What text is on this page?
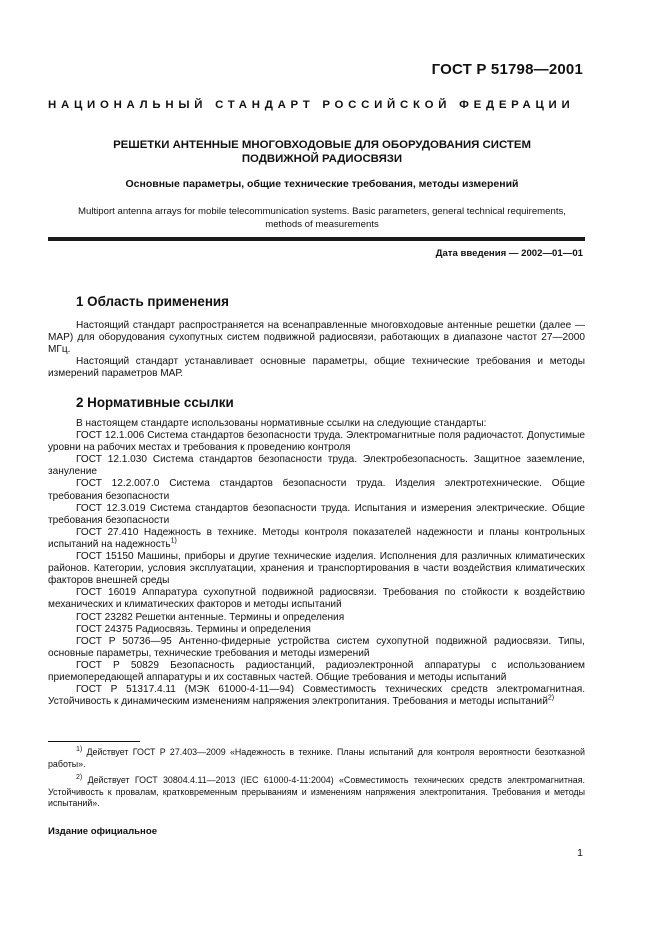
ГОСТ Р 51798—2001
НАЦИОНАЛЬНЫЙ СТАНДАРТ РОССИЙСКОЙ ФЕДЕРАЦИИ
РЕШЕТКИ АНТЕННЫЕ МНОГОВХОДОВЫЕ ДЛЯ ОБОРУДОВАНИЯ СИСТЕМ
ПОДВИЖНОЙ РАДИОСВЯЗИ
Основные параметры, общие технические требования, методы измерений
Multiport antenna arrays for mobile telecommunication systems. Basic parameters, general technical requirements,
methods of measurements
Дата введения — 2002—01—01
1 Область применения

Настоящий стандарт распространяется на всенаправленные многовходовые антенные решетки (далее — МАР) для оборудования сухопутных систем подвижной радиосвязи, работающих в диапазоне частот 27—2000 МГц.

Настоящий стандарт устанавливает основные параметры, общие технические требования и методы измерений параметров МАР.

2 Нормативные ссылки

В настоящем стандарте использованы нормативные ссылки на следующие стандарты:

ГОСТ 12.1.006 Система стандартов безопасности труда. Электромагнитные поля радиочастот. Допустимые уровни на рабочих местах и требования к проведению контроля

ГОСТ 12.1.030 Система стандартов безопасности труда. Электробезопасность. Защитное заземление, зануление

ГОСТ 12.2.007.0 Система стандартов безопасности труда. Изделия электротехнические. Общие требования безопасности

ГОСТ 12.3.019 Система стандартов безопасности труда. Испытания и измерения электрические. Общие требования безопасности

ГОСТ 27.410 Надежность в технике. Методы контроля показателей надежности и планы контрольных испытаний на надежность$^{1)}$

ГОСТ 15150 Машины, приборы и другие технические изделия. Исполнения для различных климатических районов. Категории, условия эксплуатации, хранения и транспортирования в части воздействия климатических факторов внешней среды

ГОСТ 16019 Аппаратура сухопутной подвижной радиосвязи. Требования по стойкости к воздействию механических и климатических факторов и методы испытаний

ГОСТ 23282 Решетки антенные. Термины и определения

ГОСТ 24375 Радиосвязь. Термины и определения

ГОСТ Р 50736—95 Антенно-фидерные устройства систем сухопутной подвижной радиосвязи. Типы, основные параметры, технические требования и методы измерений

ГОСТ Р 50829 Безопасность радиостанций, радиоэлектронной аппаратуры с использованием приемопередающей аппаратуры и их составных частей. Общие требования и методы испытаний

ГОСТ Р 51317.4.11 (МЭК 61000-4-11—94) Совместимость технических средств электромагнитная. Устойчивость к динамическим изменениям напряжения электропитания. Требования и методы испытаний$^{2)}$

$^{1)}$ Действует ГОСТ Р 27.403—2009 «Надежность в технике. Планы испытаний для контроля вероятности безотказной работы».

$^{2)}$ Действует ГОСТ 30804.4.11—2013 (IEC 61000-4-11:2004) «Совместимость технических средств электромагнитная. Устойчивость к провалам, кратковременным прерываниям и изменениям напряжения электропитания. Требования и методы испытаний».

Издание официальное
1
